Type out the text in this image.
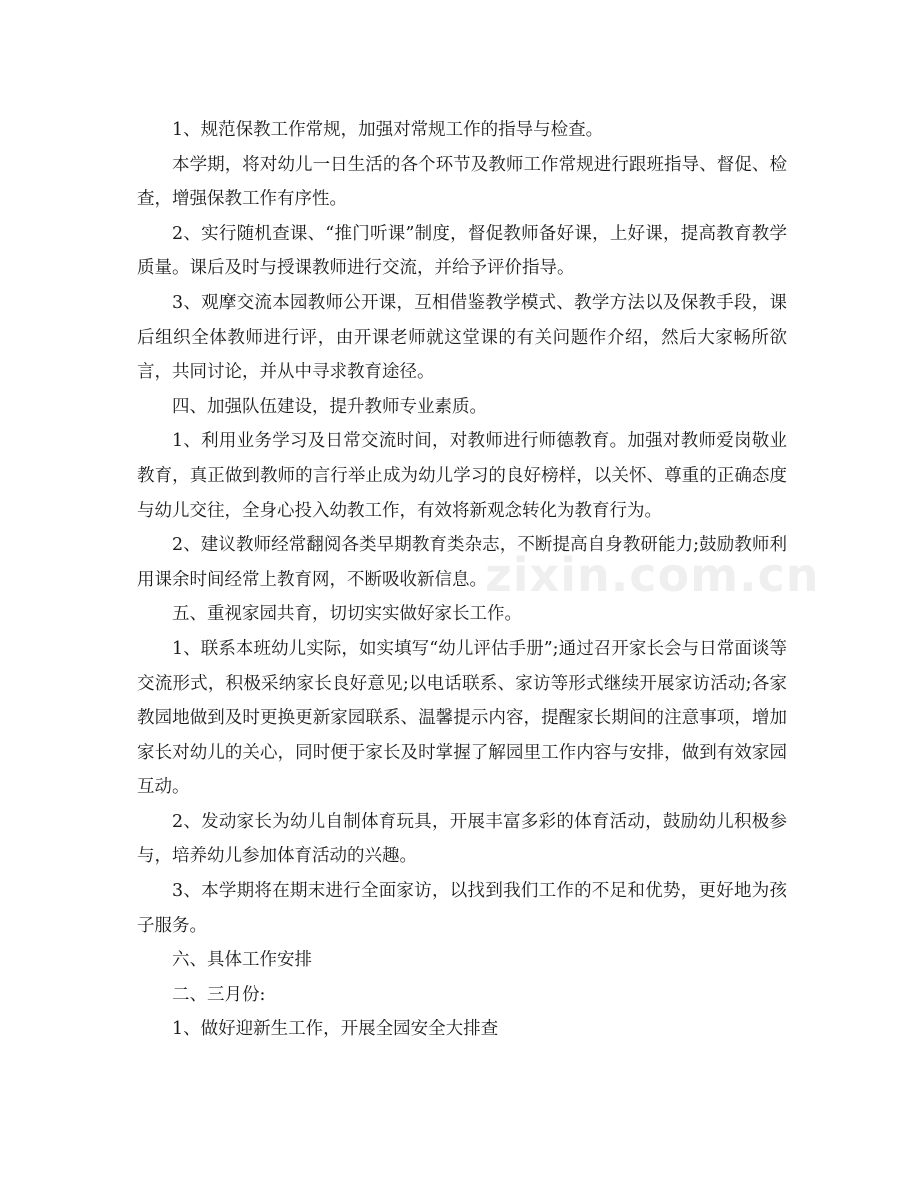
1、规范保教工作常规，加强对常规工作的指导与检查。

本学期，将对幼儿一日生活的各个环节及教师工作常规进行跟班指导、督促、检查，增强保教工作有序性。

2、实行随机查课、“推门听课”制度，督促教师备好课，上好课，提高教育教学质量。课后及时与授课教师进行交流，并给予评价指导。

3、观摩交流本园教师公开课，互相借鉴教学模式、教学方法以及保教手段，课后组织全体教师进行评，由开课老师就这堂课的有关问题作介绍，然后大家畅所欲言，共同讨论，并从中寻求教育途径。

四、加强队伍建设，提升教师专业素质。

1、利用业务学习及日常交流时间，对教师进行师德教育。加强对教师爱岗敬业教育，真正做到教师的言行举止成为幼儿学习的良好榜样，以关怀、尊重的正确态度与幼儿交往，全身心投入幼教工作，有效将新观念转化为教育行为。

2、建议教师经常翻阅各类早期教育类杂志，不断提高自身教研能力;鼓励教师利用课余时间经常上教育网，不断吸收新信息。

五、重视家园共育，切切实实做好家长工作。

1、联系本班幼儿实际，如实填写“幼儿评估手册”;通过召开家长会与日常面谈等交流形式，积极采纳家长良好意见;以电话联系、家访等形式继续开展家访活动;各家教园地做到及时更换更新家园联系、温馨提示内容，提醒家长期间的注意事项，增加家长对幼儿的关心，同时便于家长及时掌握了解园里工作内容与安排，做到有效家园互动。

2、发动家长为幼儿自制体育玩具，开展丰富多彩的体育活动，鼓励幼儿积极参与，培养幼儿参加体育活动的兴趣。

3、本学期将在期末进行全面家访，以找到我们工作的不足和优势，更好地为孩子服务。

六、具体工作安排

二、三月份:

1、做好迎新生工作，开展全园安全大排查

zixin.com.cn
